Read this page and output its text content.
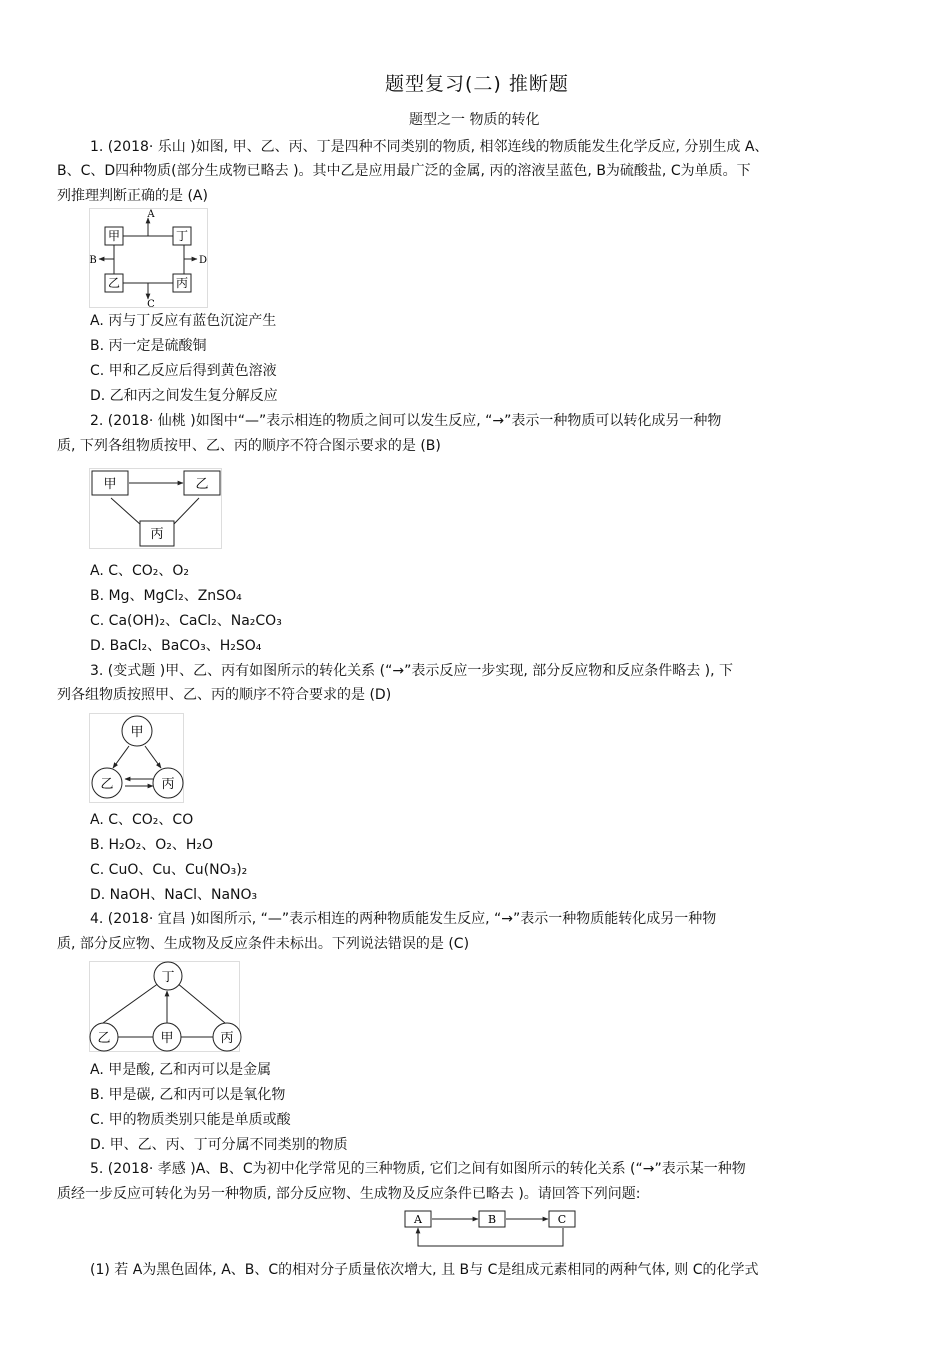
题型复习(二) 推断题
题型之一 物质的转化
1. (2018· 乐山 )如图, 甲、乙、丙、丁是四种不同类别的物质, 相邻连线的物质能发生化学反应, 分别生成 A、
B、C、D四种物质(部分生成物已略去 )。其中乙是应用最广泛的金属, 丙的溶液呈蓝色, B为硫酸盐, C为单质。下
列推理判断正确的是 (A)
甲	丁
乙	丙
A
C
B	D
A. 丙与丁反应有蓝色沉淀产生
B. 丙一定是硫酸铜
C. 甲和乙反应后得到黄色溶液
D. 乙和丙之间发生复分解反应
2. (2018· 仙桃 )如图中“—”表示相连的物质之间可以发生反应, “→”表示一种物质可以转化成另一种物
质, 下列各组物质按甲、乙、丙的顺序不符合图示要求的是 (B)
甲	乙
丙
A. C、CO₂、O₂
B. Mg、MgCl₂、ZnSO₄
C. Ca(OH)₂、CaCl₂、Na₂CO₃
D. BaCl₂、BaCO₃、H₂SO₄
3. (变式题 )甲、乙、丙有如图所示的转化关系 (“→”表示反应一步实现, 部分反应物和反应条件略去 ), 下
列各组物质按照甲、乙、丙的顺序不符合要求的是 (D)
甲
乙	丙
A. C、CO₂、CO
B. H₂O₂、O₂、H₂O
C. CuO、Cu、Cu(NO₃)₂
D. NaOH、NaCl、NaNO₃
4. (2018· 宜昌 )如图所示, “—”表示相连的两种物质能发生反应, “→”表示一种物质能转化成另一种物
质, 部分反应物、生成物及反应条件未标出。下列说法错误的是 (C)
丁
乙	甲	丙
A. 甲是酸, 乙和丙可以是金属
B. 甲是碳, 乙和丙可以是氧化物
C. 甲的物质类别只能是单质或酸
D. 甲、乙、丙、丁可分属不同类别的物质
5. (2018· 孝感 )A、B、C为初中化学常见的三种物质, 它们之间有如图所示的转化关系 (“→”表示某一种物
质经一步反应可转化为另一种物质, 部分反应物、生成物及反应条件已略去 )。请回答下列问题:
A	B	C
(1) 若 A为黑色固体, A、B、C的相对分子质量依次增大, 且 B与 C是组成元素相同的两种气体, 则 C的化学式
